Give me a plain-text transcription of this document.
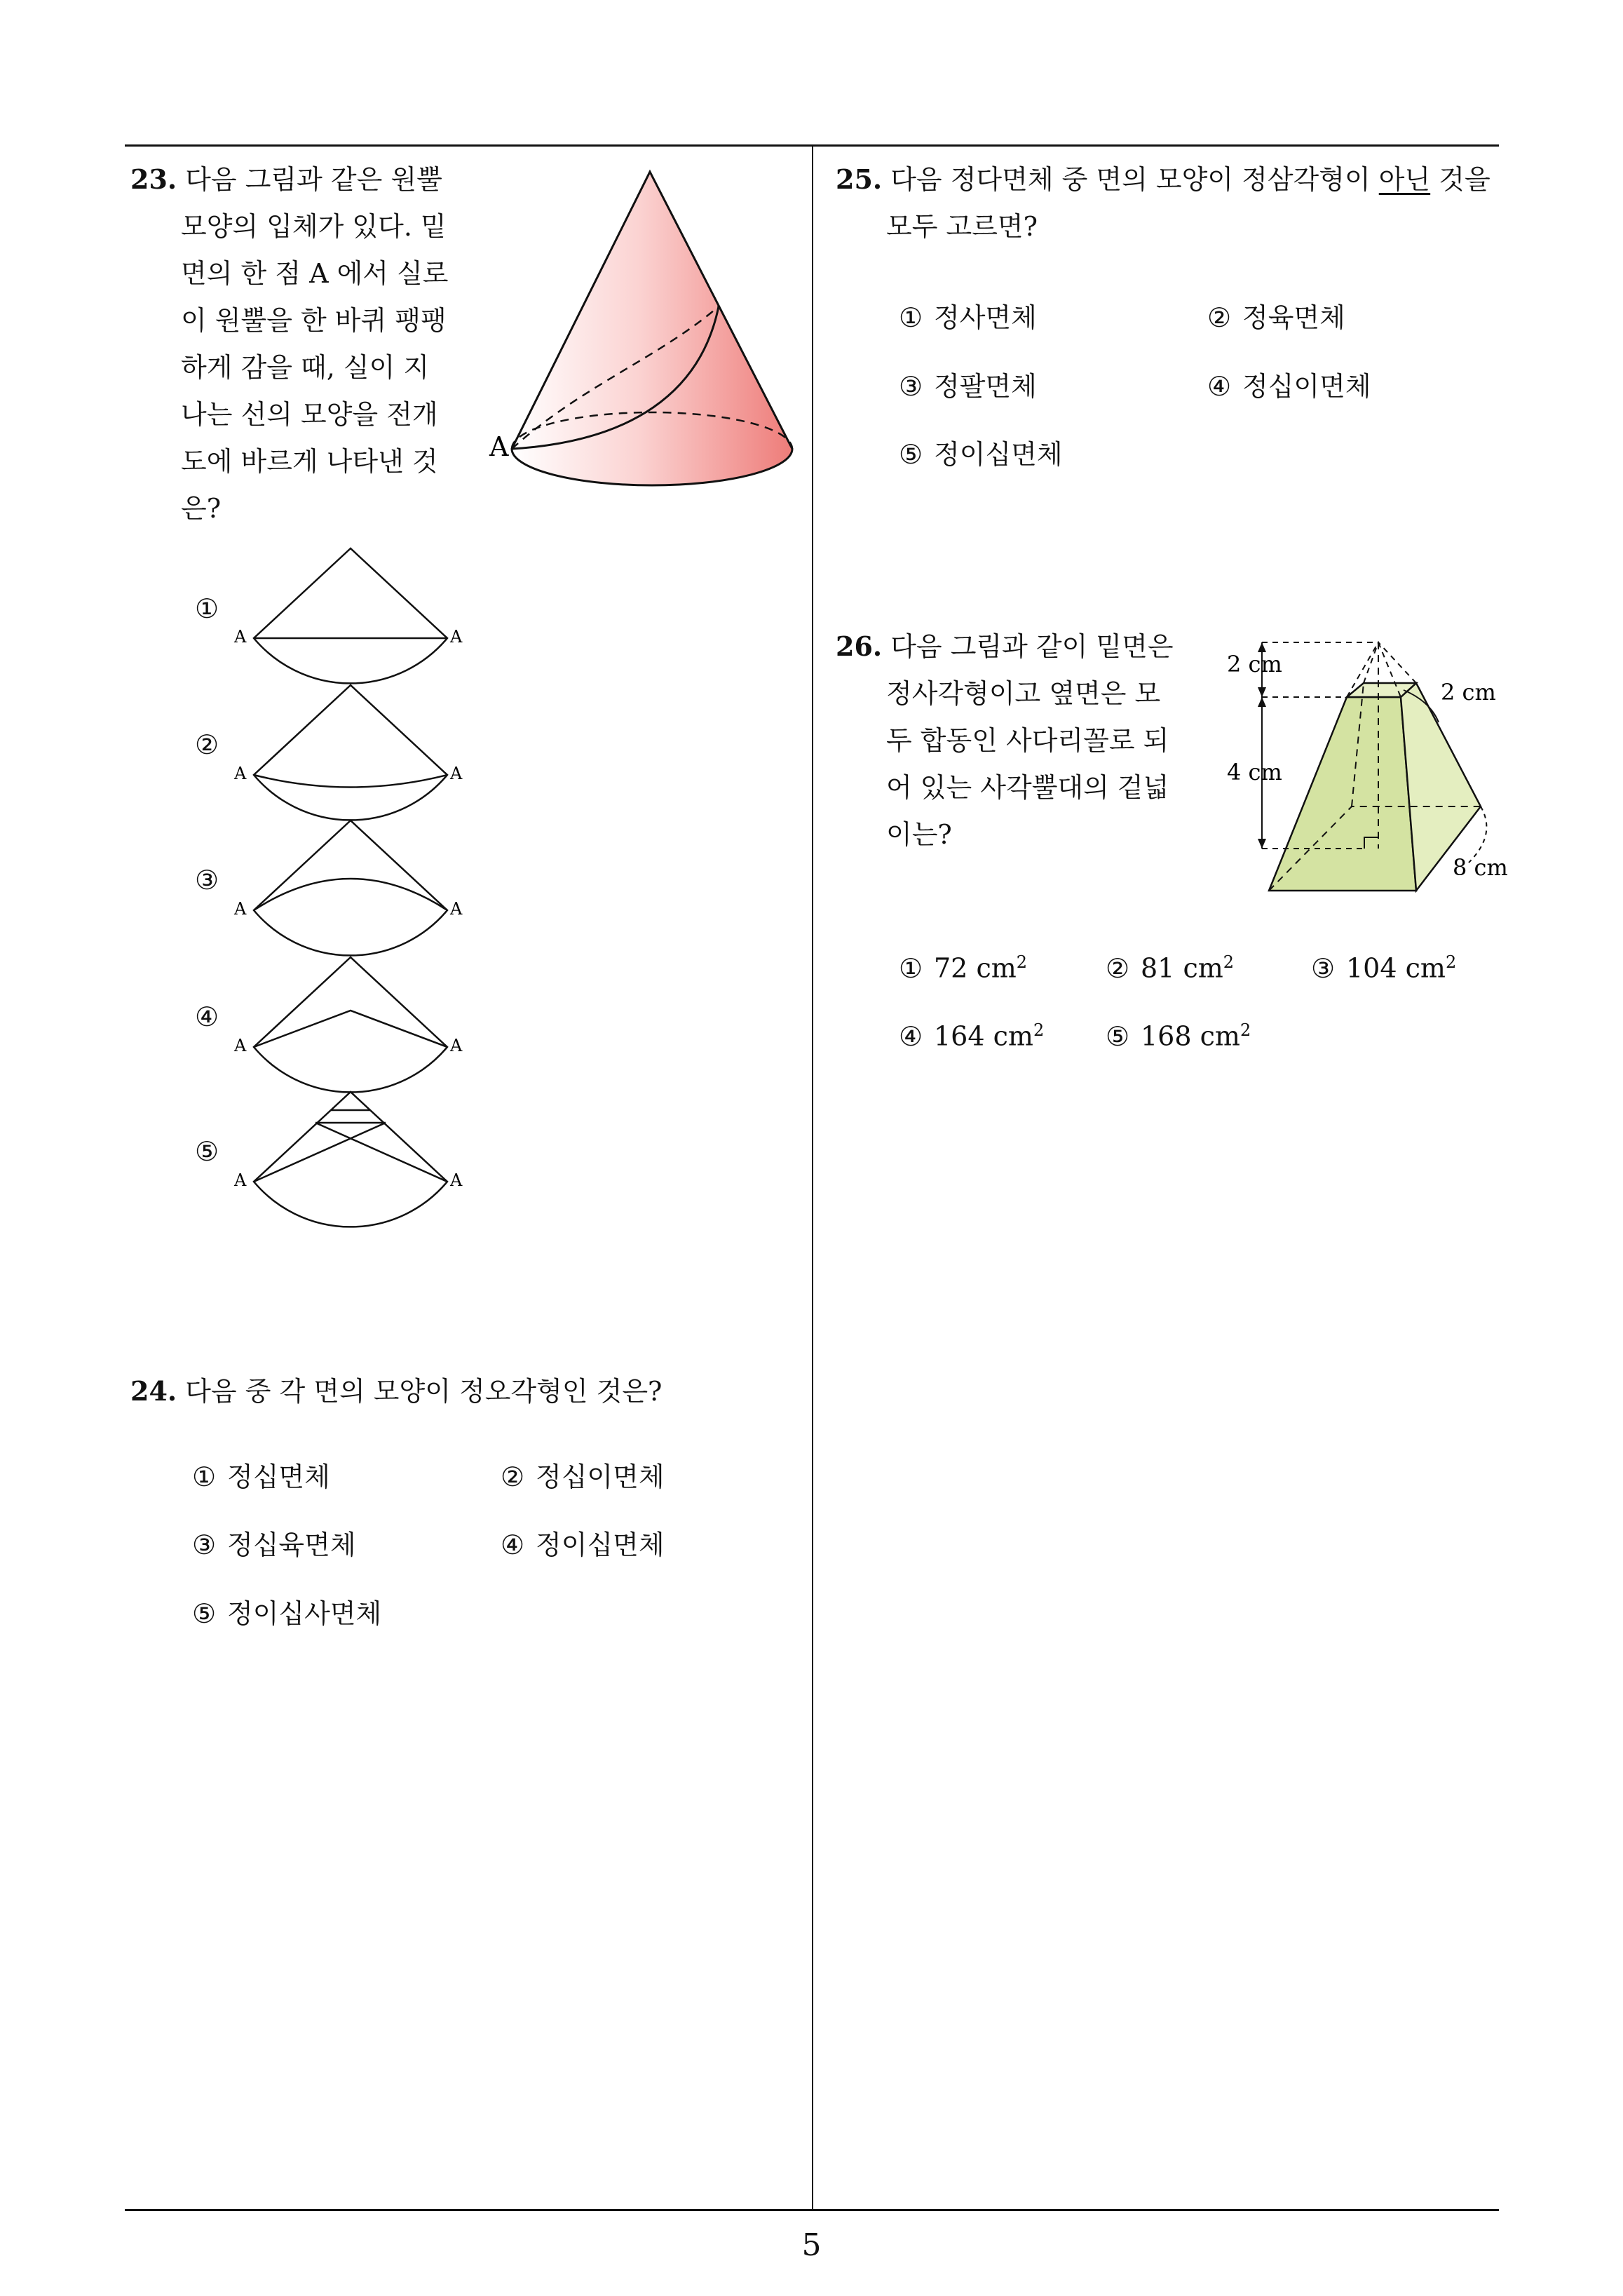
23. 다음 그림과 같은 원뿔
모양의 입체가 있다. 밑
면의 한 점 A 에서 실로
이 원뿔을 한 바퀴 팽팽
하게 감을 때, 실이 지
나는 선의 모양을 전개
도에 바르게 나타낸 것
은?
A
①
A	A
②
A	A
③
A	A
④
A	A
⑤
A	A
24. 다음 중 각 면의 모양이 정오각형인 것은?
① 정십면체	② 정십이면체
③ 정십육면체	④ 정이십면체
⑤ 정이십사면체
25. 다음 정다면체 중 면의 모양이 정삼각형이 아닌 것을
모두 고르면?
① 정사면체	② 정육면체
③ 정팔면체	④ 정십이면체
⑤ 정이십면체
26. 다음 그림과 같이 밑면은
정사각형이고 옆면은 모
두 합동인 사다리꼴로 되
어 있는 사각뿔대의 겉넓
이는?
2 cm
2 cm
4 cm
8 cm
① 72 $cm^2$	② 81 $cm^2$	③ 104 $cm^2$
④ 164 $cm^2$ ⑤ 168 $cm^2$
5
